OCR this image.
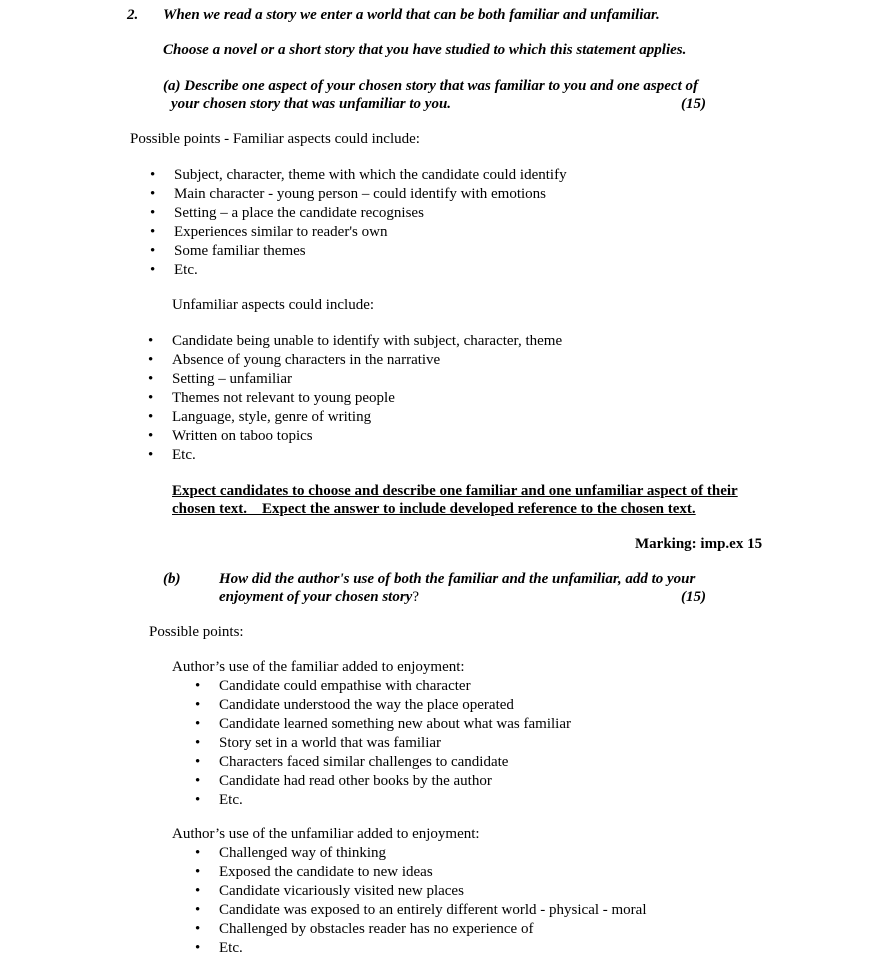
2. When we read a story we enter a world that can be both familiar and unfamiliar.
Choose a novel or a short story that you have studied to which this statement applies.
(a) Describe one aspect of your chosen story that was familiar to you and one aspect of
your chosen story that was unfamiliar to you.	(15)
Possible points - Familiar aspects could include:
• Subject, character, theme with which the candidate could identify
• Main character - young person – could identify with emotions
• Setting – a place the candidate recognises
• Experiences similar to reader's own
• Some familiar themes
• Etc.
Unfamiliar aspects could include:
• Candidate being unable to identify with subject, character, theme
• Absence of young characters in the narrative
• Setting – unfamiliar
• Themes not relevant to young people
• Language, style, genre of writing
• Written on taboo topics
• Etc.
Expect candidates to choose and describe one familiar and one unfamiliar aspect of their
chosen text.    Expect the answer to include developed reference to the chosen text.
Marking: imp.ex 15
(b)	How did the author's use of both the familiar and the unfamiliar, add to your
enjoyment of your chosen story?	(15)
Possible points:
Author’s use of the familiar added to enjoyment:
• Candidate could empathise with character
• Candidate understood the way the place operated
• Candidate learned something new about what was familiar
• Story set in a world that was familiar
• Characters faced similar challenges to candidate
• Candidate had read other books by the author
• Etc.
Author’s use of the unfamiliar added to enjoyment:
• Challenged way of thinking
• Exposed the candidate to new ideas
• Candidate vicariously visited new places
• Candidate was exposed to an entirely different world - physical - moral
• Challenged by obstacles reader has no experience of
• Etc.
